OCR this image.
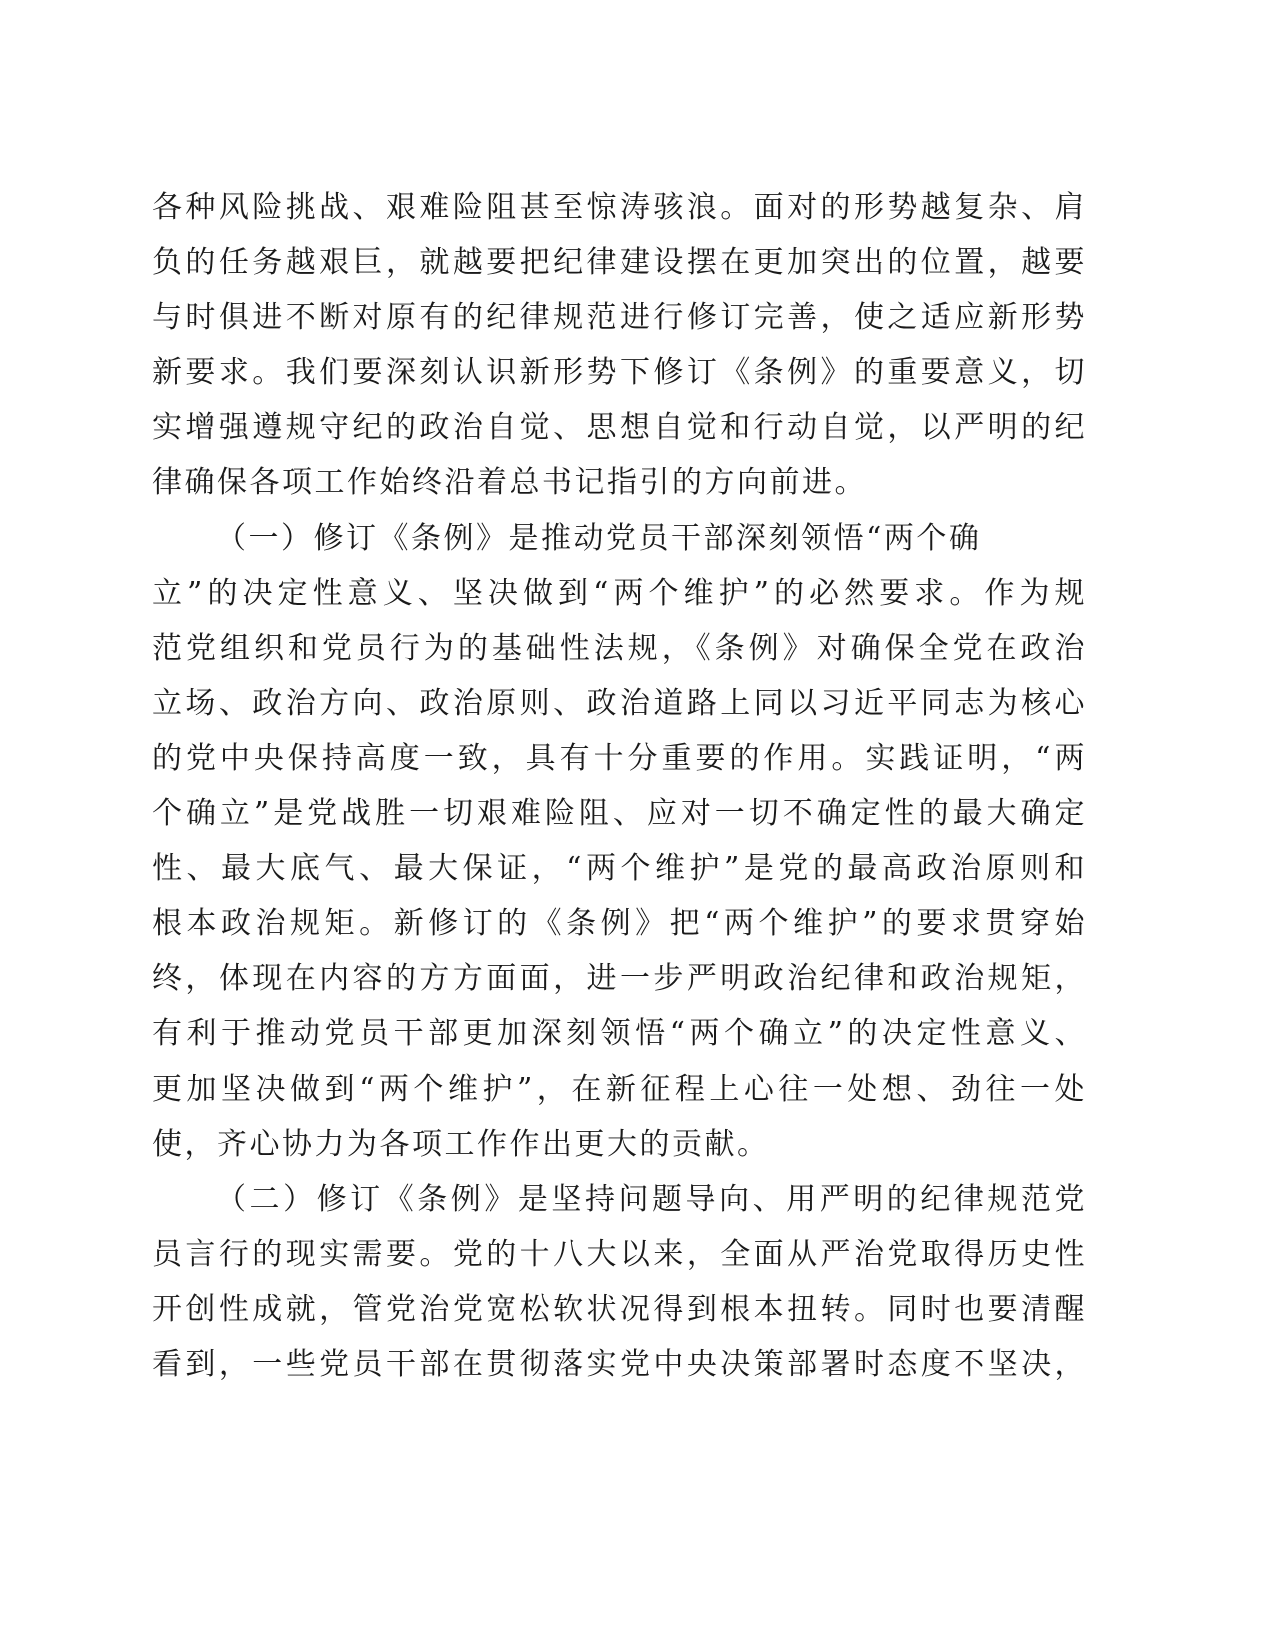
各种风险挑战、艰难险阻甚至惊涛骇浪。面对的形势越复杂、肩
负的任务越艰巨，就越要把纪律建设摆在更加突出的位置，越要
与时俱进不断对原有的纪律规范进行修订完善，使之适应新形势
新要求。我们要深刻认识新形势下修订《条例》的重要意义，切
实增强遵规守纪的政治自觉、思想自觉和行动自觉，以严明的纪
律确保各项工作始终沿着总书记指引的方向前进。
（一）修订《条例》是推动党员干部深刻领悟“两个确
立”的决定性意义、坚决做到“两个维护”的必然要求。作为规
范党组织和党员行为的基础性法规，《条例》对确保全党在政治
立场、政治方向、政治原则、政治道路上同以习近平同志为核心
的党中央保持高度一致，具有十分重要的作用。实践证明，“两
个确立”是党战胜一切艰难险阻、应对一切不确定性的最大确定
性、最大底气、最大保证，“两个维护”是党的最高政治原则和
根本政治规矩。新修订的《条例》把“两个维护”的要求贯穿始
终，体现在内容的方方面面，进一步严明政治纪律和政治规矩，
有利于推动党员干部更加深刻领悟“两个确立”的决定性意义、
更加坚决做到“两个维护”，在新征程上心往一处想、劲往一处
使，齐心协力为各项工作作出更大的贡献。
（二）修订《条例》是坚持问题导向、用严明的纪律规范党
员言行的现实需要。党的十八大以来，全面从严治党取得历史性
开创性成就，管党治党宽松软状况得到根本扭转。同时也要清醒
看到，一些党员干部在贯彻落实党中央决策部署时态度不坚决，
